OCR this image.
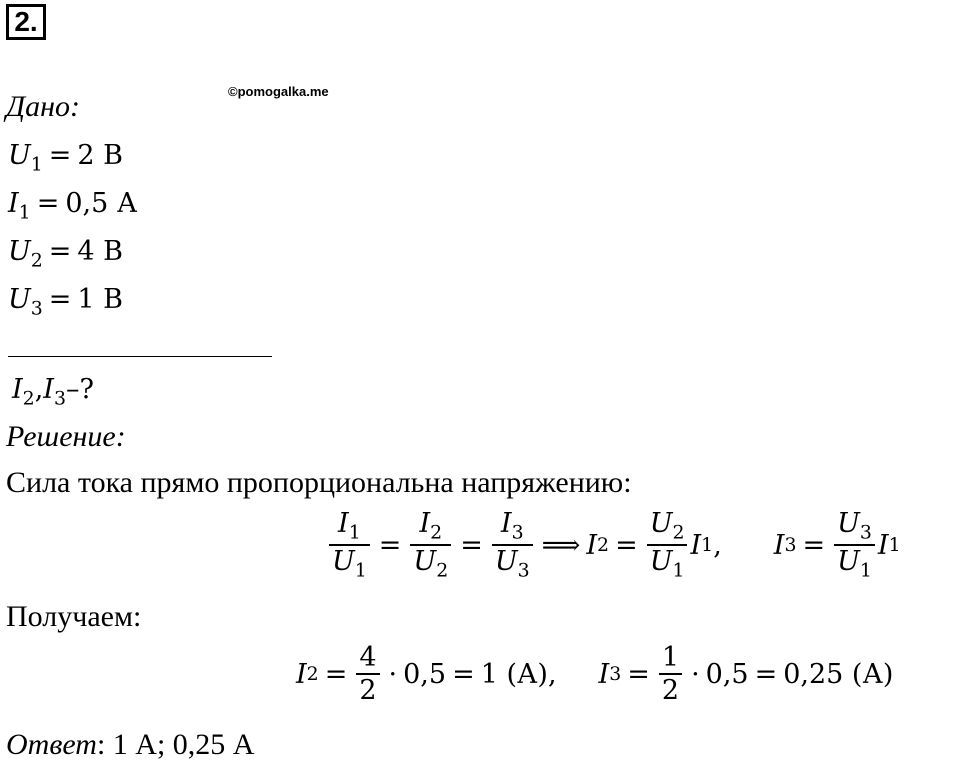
2.
©pomogalka.me
Дано:
$U_1 = 2$ В
$I_1 = 0,5$ А
$U_2 = 4$ В
$U_3 = 1$ В
$I_2,I_3-$?
Решение:
Сила тока прямо пропорциональна напряжению:
$\frac{I_1}{U_1} = \frac{I_2}{U_2} = \frac{I_3}{U_3}$ ⟹ I $2 = \frac{U_2}{U_1}$ I 1 , I $3 = \frac{U_3}{U_1}$ I 1
Получаем:
I $2 = \frac{4}{2} \cdot 0,5 = 1$ (А), I $3 = \frac{1}{2} \cdot 0,5 = 0,25$ (А)
Ответ: 1 А; 0,25 А
